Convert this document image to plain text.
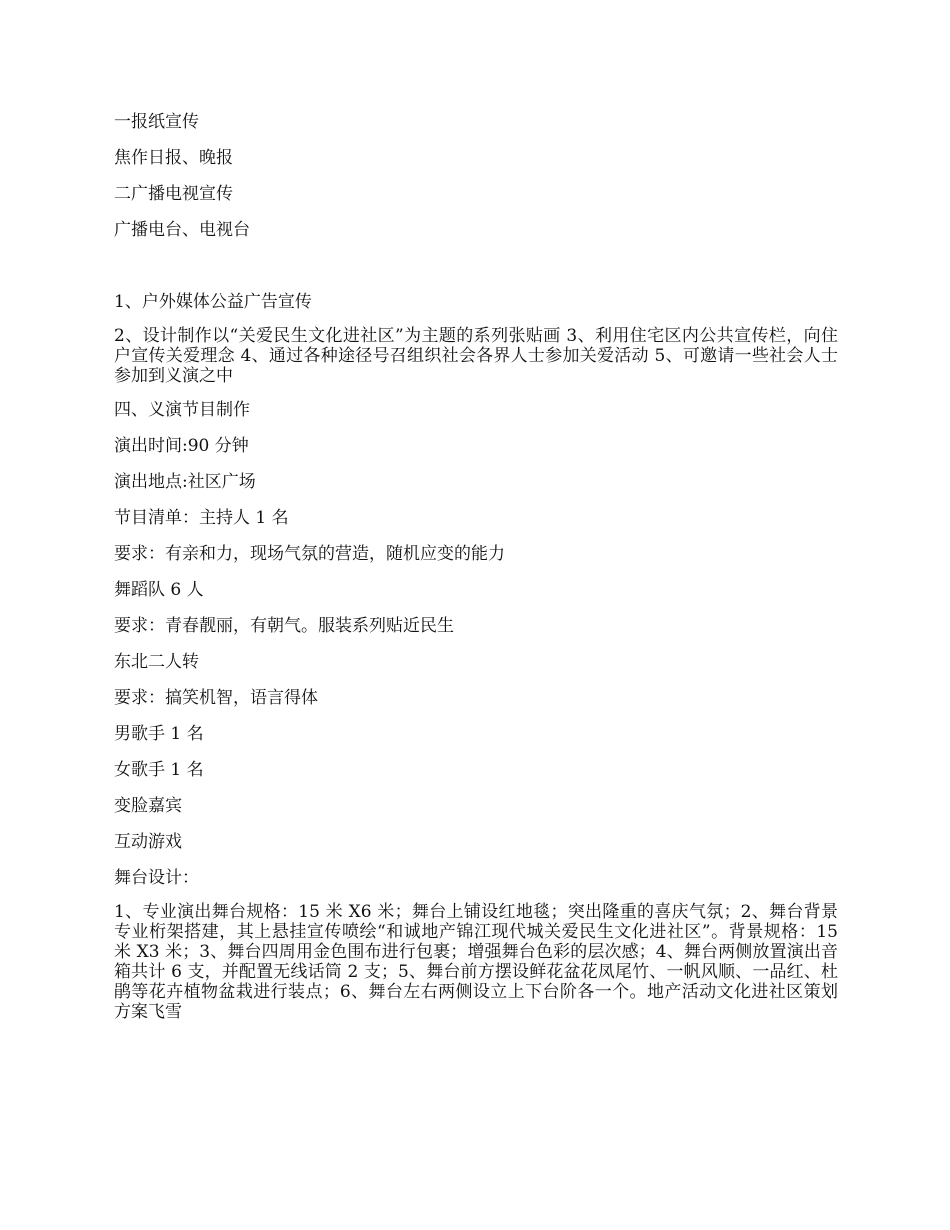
一报纸宣传

焦作日报、晚报

二广播电视宣传

广播电台、电视台

1、户外媒体公益广告宣传

2、设计制作以“关爱民生文化进社区”为主题的系列张贴画 3、利用住宅区内公共宣传栏，向住户宣传关爱理念 4、通过各种途径号召组织社会各界人士参加关爱活动 5、可邀请一些社会人士参加到义演之中

四、义演节目制作

演出时间:90 分钟

演出地点:社区广场

节目清单：主持人 1 名

要求：有亲和力，现场气氛的营造，随机应变的能力

舞蹈队 6 人

要求：青春靓丽，有朝气。服装系列贴近民生

东北二人转

要求：搞笑机智，语言得体

男歌手 1 名

女歌手 1 名

变脸嘉宾

互动游戏

舞台设计：

1、专业演出舞台规格：15 米 X6 米；舞台上铺设红地毯；突出隆重的喜庆气氛；2、舞台背景专业桁架搭建，其上悬挂宣传喷绘“和诚地产锦江现代城关爱民生文化进社区”。背景规格：15 米 X3 米；3、舞台四周用金色围布进行包裹；增强舞台色彩的层次感；4、舞台两侧放置演出音箱共计 6 支，并配置无线话筒 2 支；5、舞台前方摆设鲜花盆花凤尾竹、一帆风顺、一品红、杜鹃等花卉植物盆栽进行装点；6、舞台左右两侧设立上下台阶各一个。地产活动文化进社区策划方案飞雪
